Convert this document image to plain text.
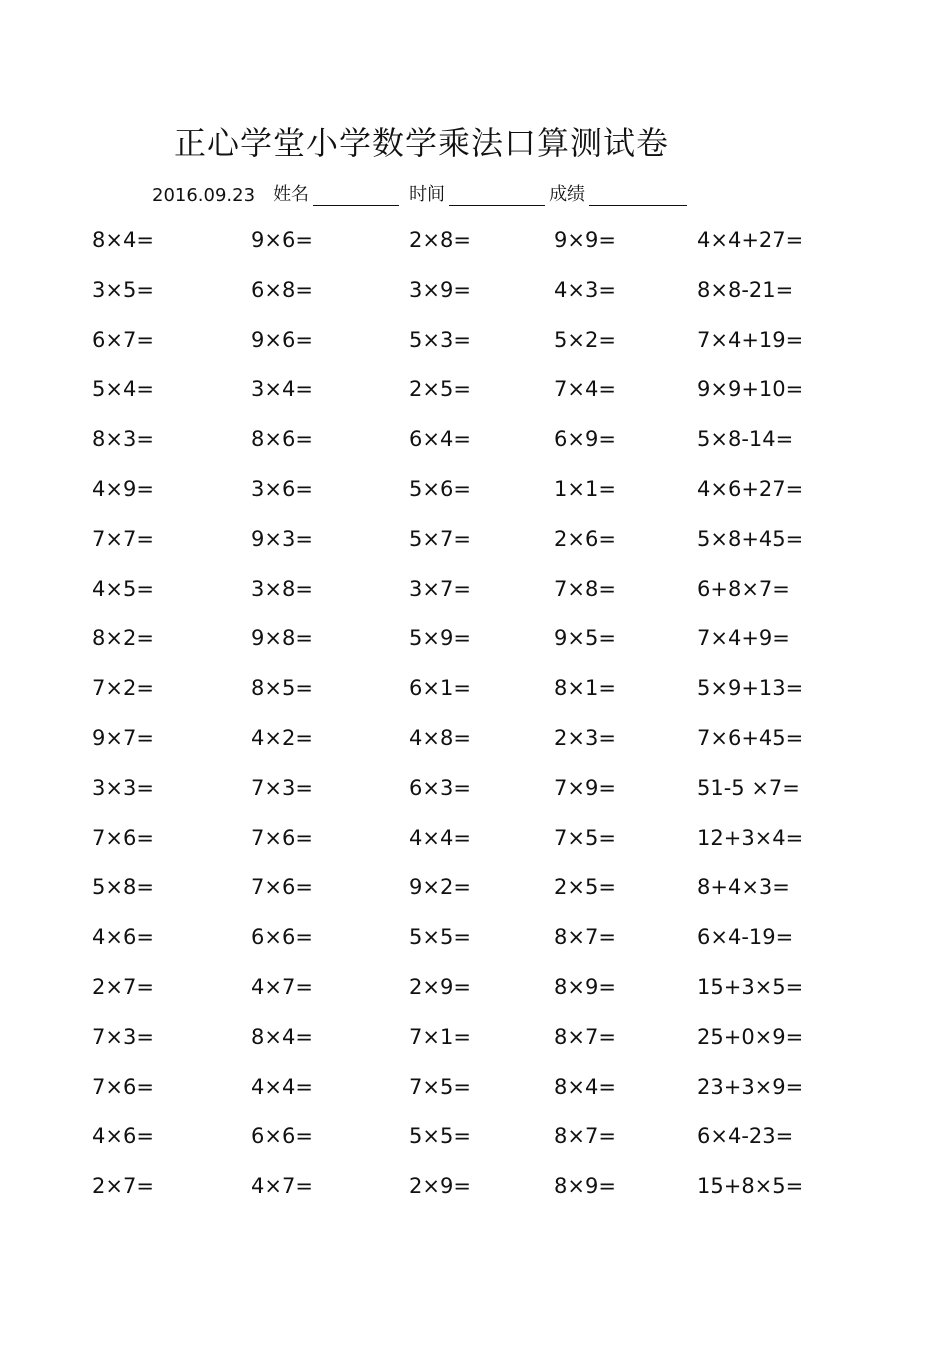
正心学堂小学数学乘法口算测试卷
2016.09.23 姓名	时间	成绩
8×4=	9×6=	2×8=	9×9=	4×4+27=
3×5=	6×8=	3×9=	4×3=	8×8-21=
6×7=	9×6=	5×3=	5×2=	7×4+19=
5×4=	3×4=	2×5=	7×4=	9×9+10=
8×3=	8×6=	6×4=	6×9=	5×8-14=
4×9=	3×6=	5×6=	1×1=	4×6+27=
7×7=	9×3=	5×7=	2×6=	5×8+45=
4×5=	3×8=	3×7=	7×8=	6+8×7=
8×2=	9×8=	5×9=	9×5=	7×4+9=
7×2=	8×5=	6×1=	8×1=	5×9+13=
9×7=	4×2=	4×8=	2×3=	7×6+45=
3×3=	7×3=	6×3=	7×9=	51-5 ×7=
7×6=	7×6=	4×4=	7×5=	12+3×4=
5×8=	7×6=	9×2=	2×5=	8+4×3=
4×6=	6×6=	5×5=	8×7=	6×4-19=
2×7=	4×7=	2×9=	8×9=	15+3×5=
7×3=	8×4=	7×1=	8×7=	25+0×9=
7×6=	4×4=	7×5=	8×4=	23+3×9=
4×6=	6×6=	5×5=	8×7=	6×4-23=
2×7=	4×7=	2×9=	8×9=	15+8×5=
